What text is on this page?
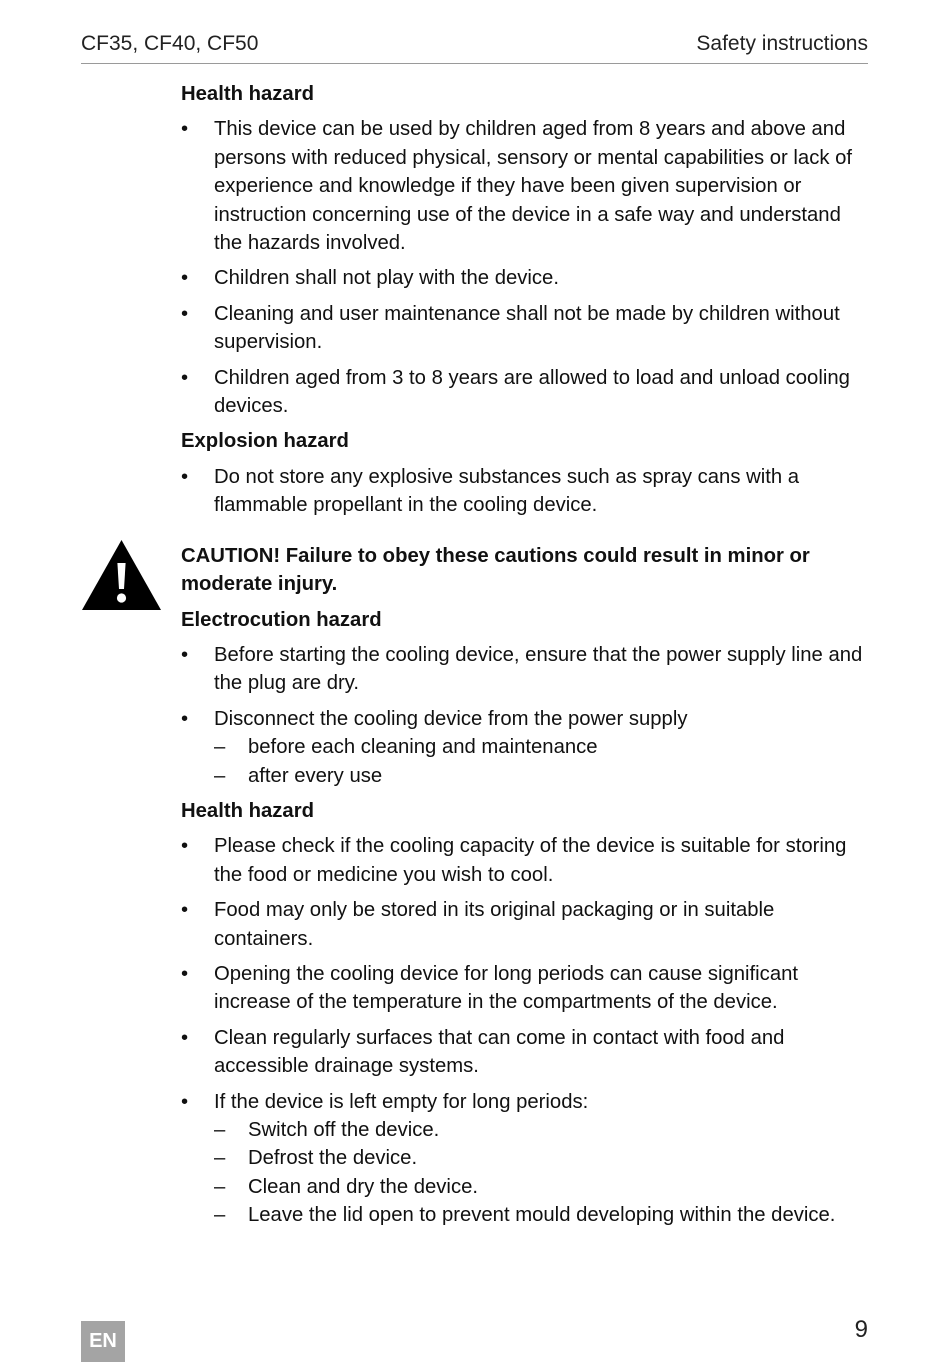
CF35, CF40, CF50	Safety instructions
Health hazard
• This device can be used by children aged from 8 years and above and persons with reduced physical, sensory or mental capabilities or lack of experience and knowledge if they have been given supervision or instruction concerning use of the device in a safe way and understand the hazards involved.
• Children shall not play with the device.
• Cleaning and user maintenance shall not be made by children without supervision.
• Children aged from 3 to 8 years are allowed to load and unload cooling devices.
Explosion hazard
• Do not store any explosive substances such as spray cans with a flammable propellant in the cooling device.
CAUTION! Failure to obey these cautions could result in minor or moderate injury.
Electrocution hazard
• Before starting the cooling device, ensure that the power supply line and the plug are dry.
• Disconnect the cooling device from the power supply
– before each cleaning and maintenance
– after every use
Health hazard
• Please check if the cooling capacity of the device is suitable for storing the food or medicine you wish to cool.
• Food may only be stored in its original packaging or in suitable containers.
• Opening the cooling device for long periods can cause significant increase of the temperature in the compartments of the device.
• Clean regularly surfaces that can come in contact with food and accessible drainage systems.
• If the device is left empty for long periods:
– Switch off the device.
– Defrost the device.
– Clean and dry the device.
– Leave the lid open to prevent mould developing within the device.
EN	9
